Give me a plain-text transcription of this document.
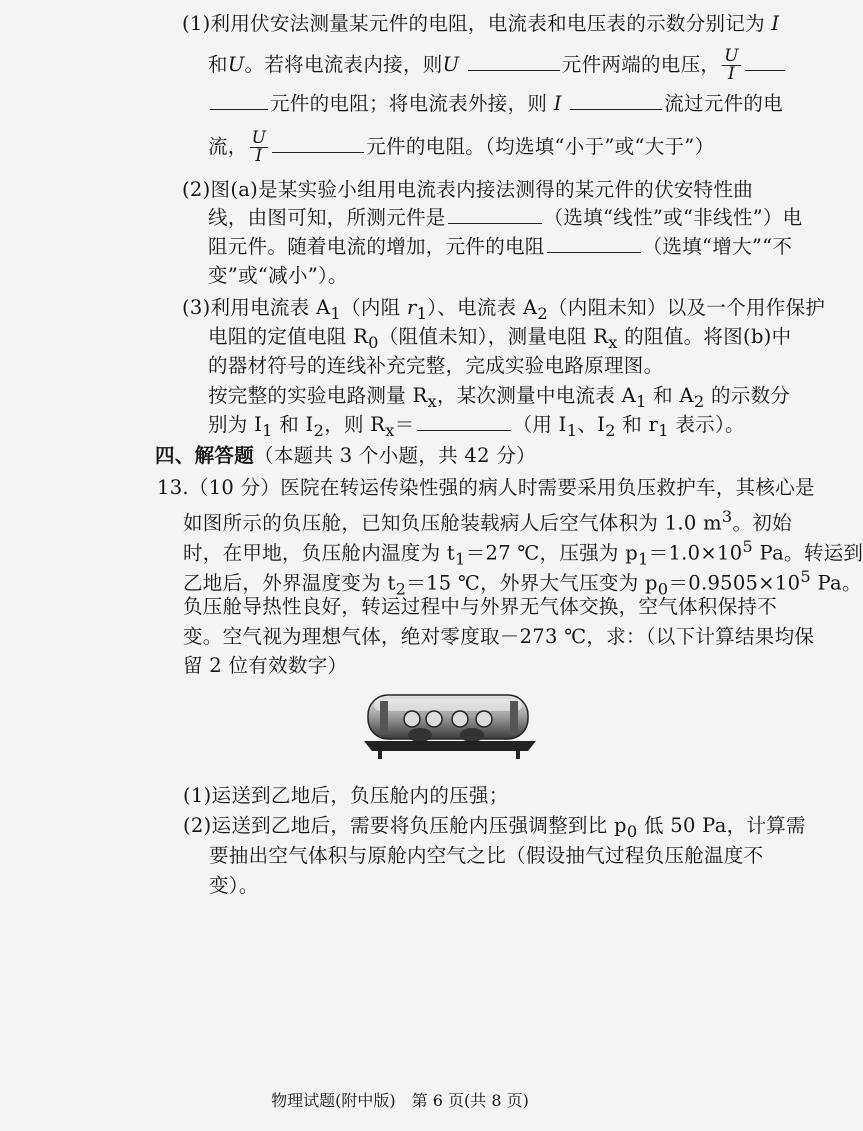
(1)利用伏安法测量某元件的电阻，电流表和电压表的示数分别记为 I
和U。若将电流表内接，则U	元件两端的电压， $\frac{U}{I}$
元件的电阻；将电流表外接，则 I	流过元件的电
流， $\frac{U}{I}$	元件的电阻。（均选填“小于”或“大于”）
(2)图(a)是某实验小组用电流表内接法测得的某元件的伏安特性曲
线，由图可知，所测元件是	（选填“线性”或“非线性”）电
阻元件。随着电流的增加，元件的电阻	（选填“增大”“不
变”或“减小”）。
(3)利用电流表 $A_1$（内阻 $r_1$）、电流表 $A_2$（内阻未知）以及一个用作保护
电阻的定值电阻 $R_0$（阻值未知），测量电阻 $R_x$ 的阻值。将图(b)中
的器材符号的连线补充完整，完成实验电路原理图。
按完整的实验电路测量 $R_x$，某次测量中电流表 $A_1$ 和 $A_2$ 的示数分
别为 $I_1$ 和 $I_2$，则 $R_x=$	（用 $I_1$、$I_2$ 和 $r_1$ 表示）。
四、解答题（本题共 3 个小题，共 42 分）
13.（10 分）医院在转运传染性强的病人时需要采用负压救护车，其核心是
如图所示的负压舱，已知负压舱装载病人后空气体积为 1.0 $m^3$。初始
时，在甲地，负压舱内温度为 $t_1=27$ ℃，压强为 $p_1=1.0\times 10^5$ Pa。转运到
乙地后，外界温度变为 $t_2=15$ ℃，外界大气压变为 $p_0=0.9505\times 10^5$ Pa。
负压舱导热性良好，转运过程中与外界无气体交换，空气体积保持不
变。空气视为理想气体，绝对零度取－273 ℃，求：（以下计算结果均保
留 2 位有效数字）
(1)运送到乙地后，负压舱内的压强；
(2)运送到乙地后，需要将负压舱内压强调整到比 $p_0$ 低 50 Pa，计算需
要抽出空气体积与原舱内空气之比（假设抽气过程负压舱温度不
变）。
物理试题(附中版)　第 6 页(共 8 页)
